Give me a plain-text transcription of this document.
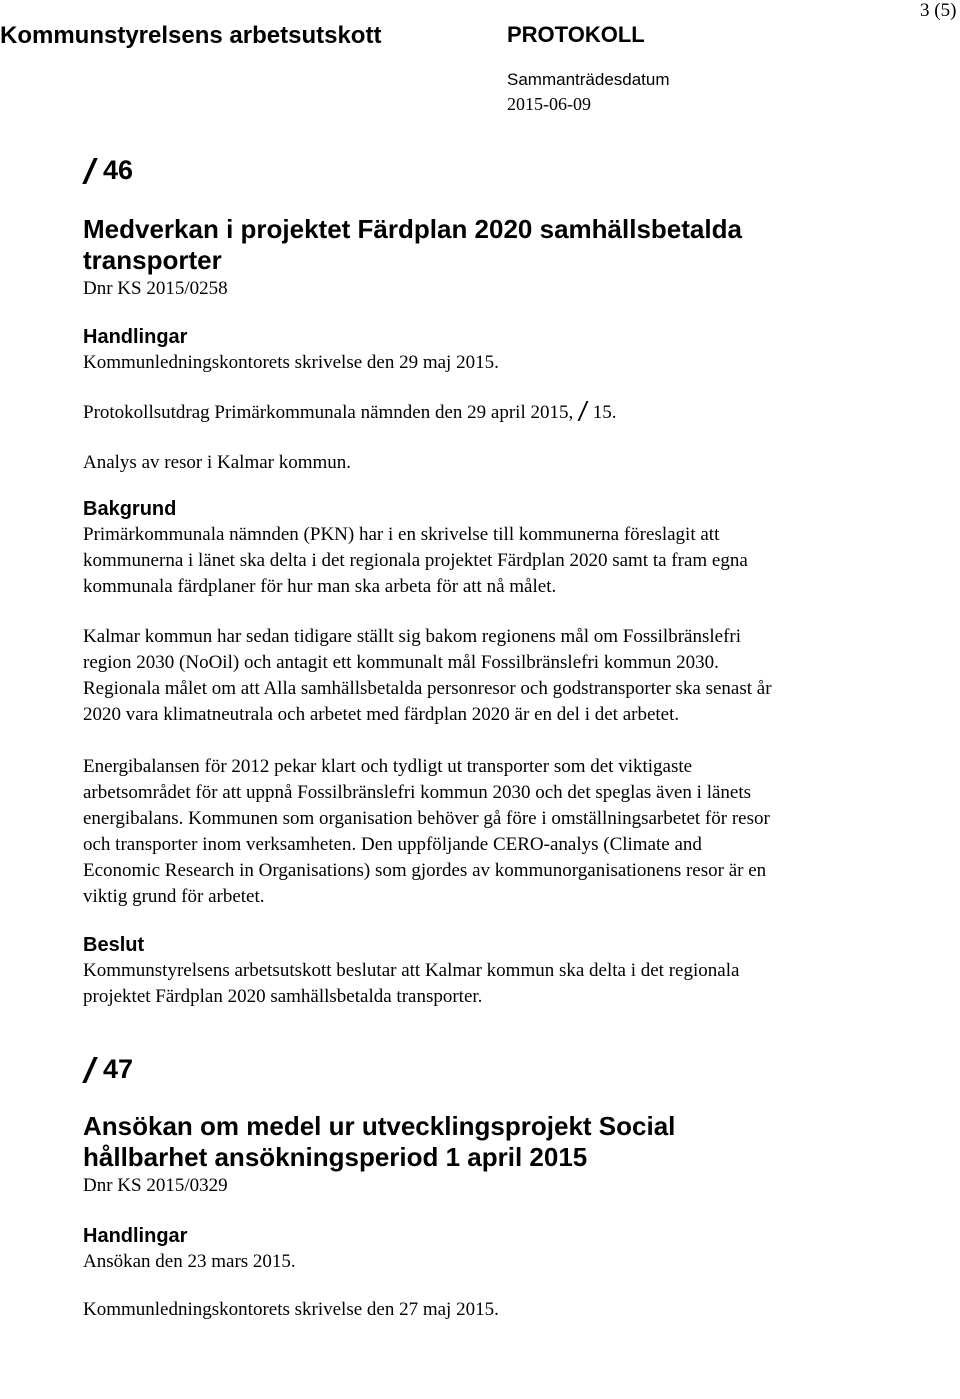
Kommunstyrelsens arbetsutskott	PROTOKOLL
3 (5)
Sammanträdesdatum
2015-06-09
46
Medverkan i projektet Färdplan 2020 samhällsbetalda transporter

Dnr KS 2015/0258

Handlingar

Kommunledningskontorets skrivelse den 29 maj 2015.

Protokollsutdrag Primärkommunala nämnden den 29 april 2015, 15.

Analys av resor i Kalmar kommun.

Bakgrund

Primärkommunala nämnden (PKN) har i en skrivelse till kommunerna föreslagit att kommunerna i länet ska delta i det regionala projektet Färdplan 2020 samt ta fram egna kommunala färdplaner för hur man ska arbeta för att nå målet.

Kalmar kommun har sedan tidigare ställt sig bakom regionens mål om Fossilbränslefri region 2030 (NoOil) och antagit ett kommunalt mål Fossilbränslefri kommun 2030. Regionala målet om att Alla samhällsbetalda personresor och godstransporter ska senast år 2020 vara klimatneutrala och arbetet med färdplan 2020 är en del i det arbetet.

Energibalansen för 2012 pekar klart och tydligt ut transporter som det viktigaste arbetsområdet för att uppnå Fossilbränslefri kommun 2030 och det speglas även i länets energibalans. Kommunen som organisation behöver gå före i omställningsarbetet för resor och transporter inom verksamheten. Den uppföljande CERO-analys (Climate and Economic Research in Organisations) som gjordes av kommunorganisationens resor är en viktig grund för arbetet.

Beslut

Kommunstyrelsens arbetsutskott beslutar att Kalmar kommun ska delta i det regionala projektet Färdplan 2020 samhällsbetalda transporter.

47
Ansökan om medel ur utvecklingsprojekt Social hållbarhet ansökningsperiod 1 april 2015

Dnr KS 2015/0329

Handlingar

Ansökan den 23 mars 2015.

Kommunledningskontorets skrivelse den 27 maj 2015.
